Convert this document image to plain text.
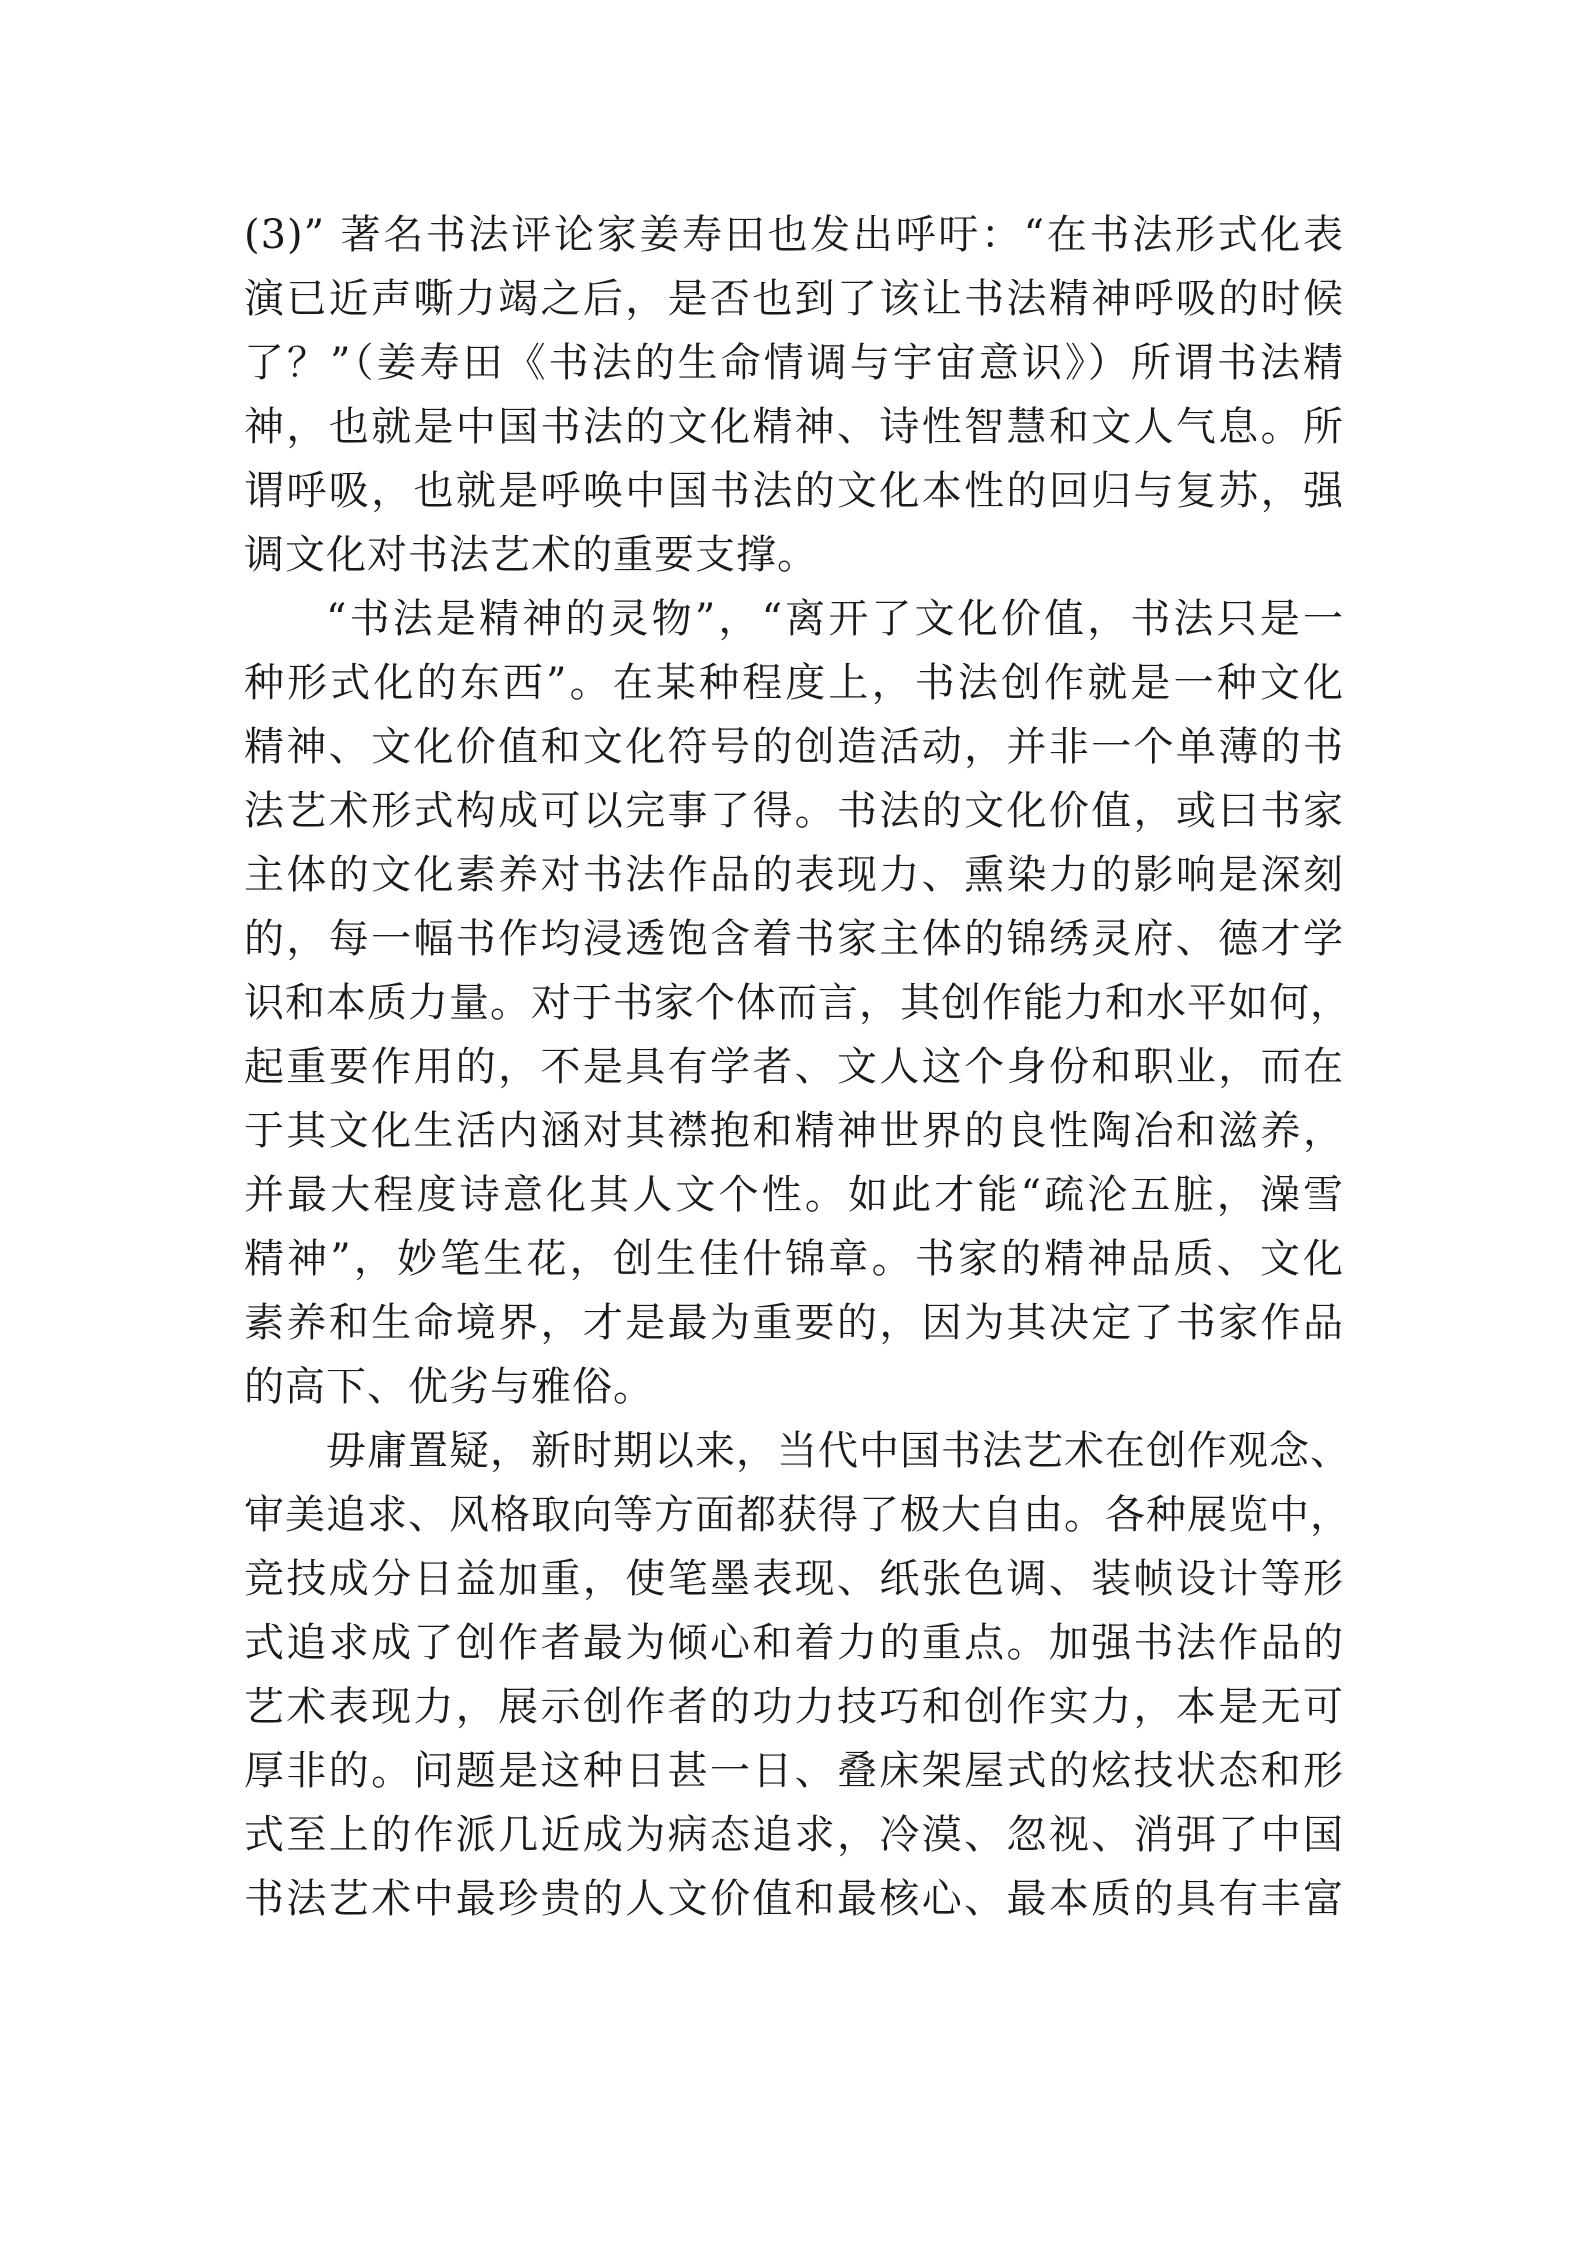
(3)” 著名书法评论家姜寿田也发出呼吁：“在书法形式化表
演已近声嘶力竭之后，是否也到了该让书法精神呼吸的时候
了？”（姜寿田《书法的生命情调与宇宙意识》）所谓书法精
神，也就是中国书法的文化精神、诗性智慧和文人气息。所
谓呼吸，也就是呼唤中国书法的文化本性的回归与复苏，强
调文化对书法艺术的重要支撑。
“书法是精神的灵物”，“离开了文化价值，书法只是一
种形式化的东西”。在某种程度上，书法创作就是一种文化
精神、文化价值和文化符号的创造活动，并非一个单薄的书
法艺术形式构成可以完事了得。书法的文化价值，或曰书家
主体的文化素养对书法作品的表现力、熏染力的影响是深刻
的，每一幅书作均浸透饱含着书家主体的锦绣灵府、德才学
识和本质力量。对于书家个体而言，其创作能力和水平如何，
起重要作用的，不是具有学者、文人这个身份和职业，而在
于其文化生活内涵对其襟抱和精神世界的良性陶冶和滋养，
并最大程度诗意化其人文个性。如此才能“疏沦五脏，澡雪
精神”，妙笔生花，创生佳什锦章。书家的精神品质、文化
素养和生命境界，才是最为重要的，因为其决定了书家作品
的高下、优劣与雅俗。
毋庸置疑，新时期以来，当代中国书法艺术在创作观念、
审美追求、风格取向等方面都获得了极大自由。各种展览中，
竞技成分日益加重，使笔墨表现、纸张色调、装帧设计等形
式追求成了创作者最为倾心和着力的重点。加强书法作品的
艺术表现力，展示创作者的功力技巧和创作实力，本是无可
厚非的。问题是这种日甚一日、叠床架屋式的炫技状态和形
式至上的作派几近成为病态追求，冷漠、忽视、消弭了中国
书法艺术中最珍贵的人文价值和最核心、最本质的具有丰富
